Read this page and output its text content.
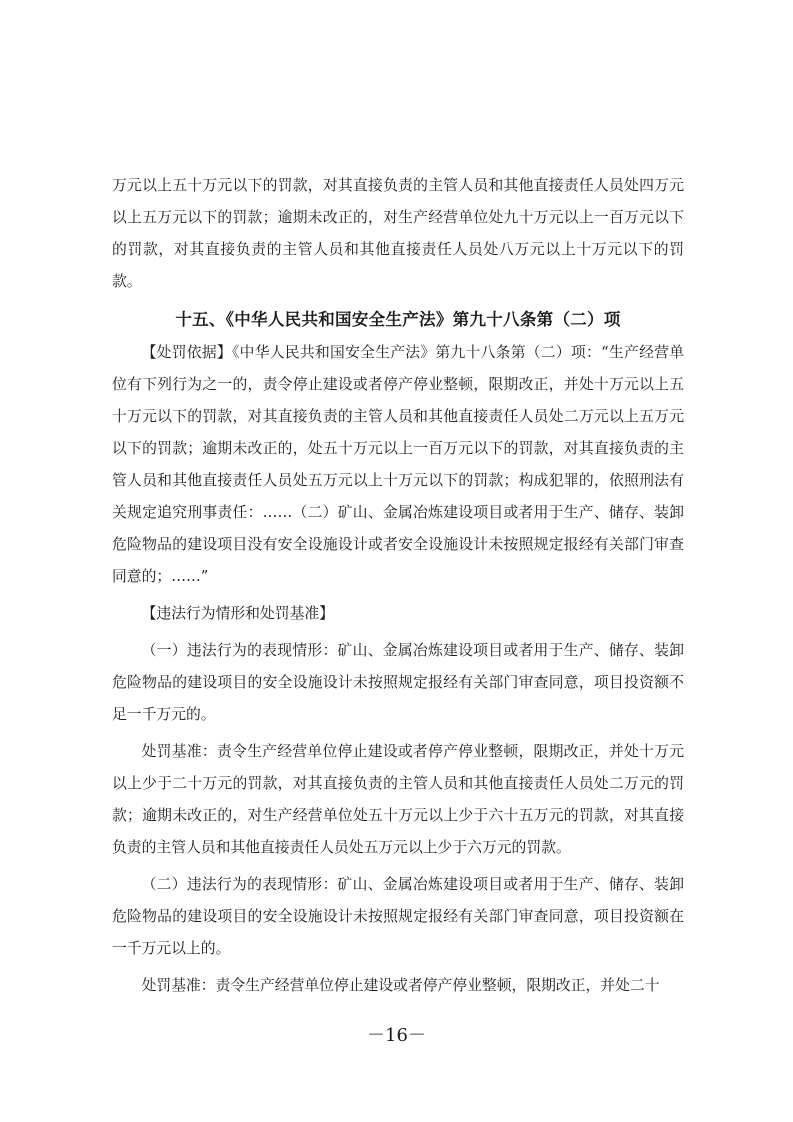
万元以上五十万元以下的罚款，对其直接负责的主管人员和其他直接责任人员处四万元以上五万元以下的罚款；逾期未改正的，对生产经营单位处九十万元以上一百万元以下的罚款，对其直接负责的主管人员和其他直接责任人员处八万元以上十万元以下的罚款。

十五、《中华人民共和国安全生产法》第九十八条第（二）项

【处罚依据】《中华人民共和国安全生产法》第九十八条第（二）项：“生产经营单位有下列行为之一的，责令停止建设或者停产停业整顿，限期改正，并处十万元以上五十万元以下的罚款，对其直接负责的主管人员和其他直接责任人员处二万元以上五万元以下的罚款；逾期未改正的，处五十万元以上一百万元以下的罚款，对其直接负责的主管人员和其他直接责任人员处五万元以上十万元以下的罚款；构成犯罪的，依照刑法有关规定追究刑事责任：……（二）矿山、金属冶炼建设项目或者用于生产、储存、装卸危险物品的建设项目没有安全设施设计或者安全设施设计未按照规定报经有关部门审查同意的；……”

【违法行为情形和处罚基准】

（一）违法行为的表现情形：矿山、金属冶炼建设项目或者用于生产、储存、装卸危险物品的建设项目的安全设施设计未按照规定报经有关部门审查同意，项目投资额不足一千万元的。

处罚基准：责令生产经营单位停止建设或者停产停业整顿，限期改正，并处十万元以上少于二十万元的罚款，对其直接负责的主管人员和其他直接责任人员处二万元的罚款；逾期未改正的，对生产经营单位处五十万元以上少于六十五万元的罚款，对其直接负责的主管人员和其他直接责任人员处五万元以上少于六万元的罚款。

（二）违法行为的表现情形：矿山、金属冶炼建设项目或者用于生产、储存、装卸危险物品的建设项目的安全设施设计未按照规定报经有关部门审查同意，项目投资额在一千万元以上的。

处罚基准：责令生产经营单位停止建设或者停产停业整顿，限期改正，并处二十

－16－
